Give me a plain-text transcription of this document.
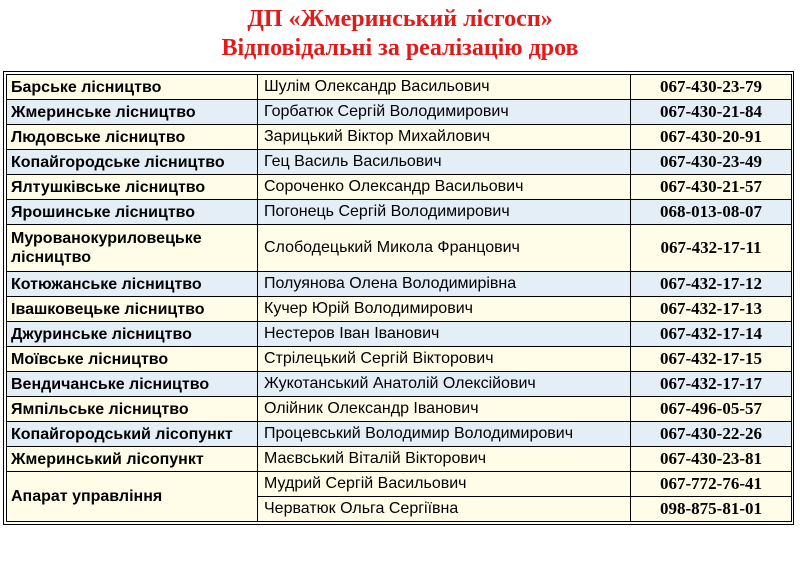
ДП «Жмеринський лісгосп»
Відповідальні за реалізацію дров
Барське лісництво	Шулім Олександр Васильович	067-430-23-79
Жмеринське лісництво	Горбатюк Сергій Володимирович	067-430-21-84
Людовське лісництво	Зарицький Віктор Михайлович	067-430-20-91
Копайгородське лісництво	Гец Василь Васильович	067-430-23-49
Ялтушківське лісництво	Сороченко Олександр Васильович	067-430-21-57
Ярошинське лісництво	Погонець Сергій Володимирович	068-013-08-07
Мурованокуриловецьке лісництво	Слободецький Микола Францович	067-432-17-11
Котюжанське лісництво	Полуянова Олена Володимирівна	067-432-17-12
Івашковецьке лісництво	Кучер Юрій Володимирович	067-432-17-13
Джуринське лісництво	Нестеров Іван Іванович	067-432-17-14
Моївське лісництво	Стрілецький Сергій Вікторович	067-432-17-15
Вендичанське лісництво	Жукотанський Анатолій Олексійович	067-432-17-17
Ямпільське лісництво	Олійник Олександр Іванович	067-496-05-57
Копайгородський лісопункт	Процевський Володимир Володимирович	067-430-22-26
Жмеринський лісопункт	Маєвський Віталій Вікторович	067-430-23-81
Апарат управління	Мудрий Сергій Васильович	067-772-76-41
	Черватюк Ольга Сергіївна	098-875-81-01
